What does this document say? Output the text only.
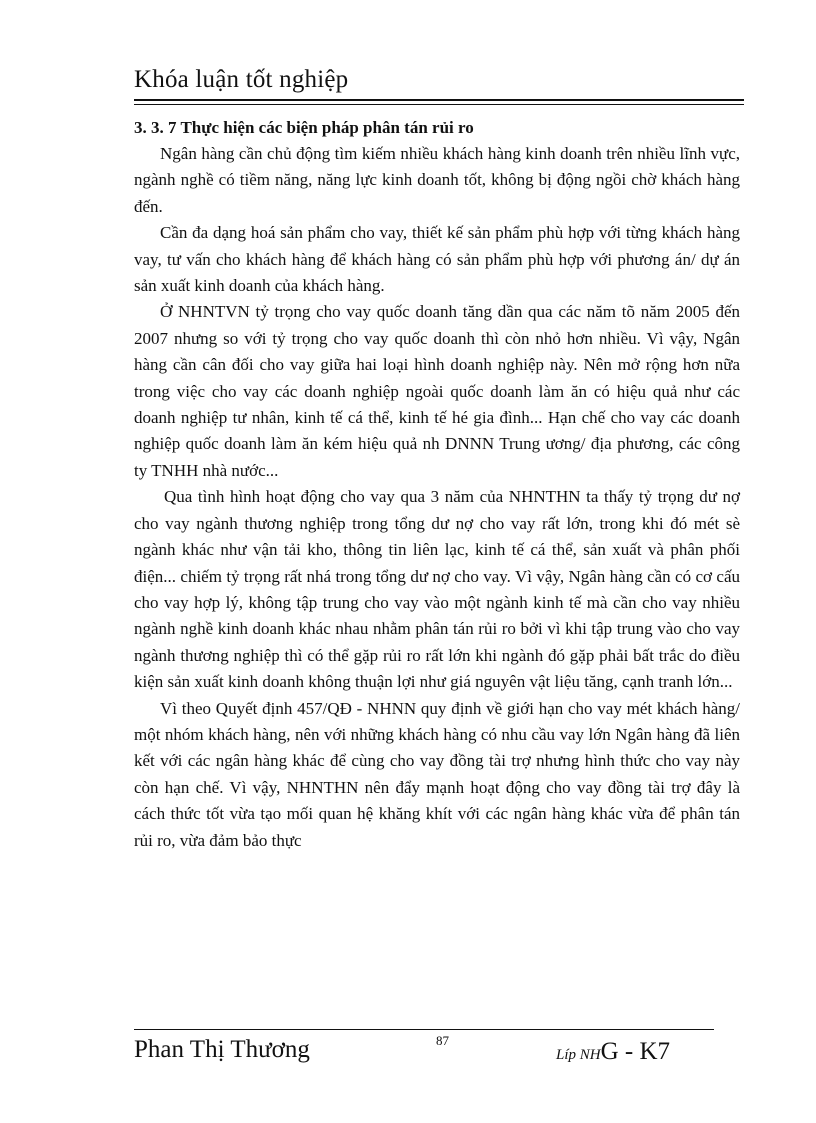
Khóa luận tốt nghiệp
3. 3. 7 Thực hiện các biện pháp phân tán rủi ro

Ngân hàng cần chủ động tìm kiếm nhiều khách hàng kinh doanh trên nhiều lĩnh vực, ngành nghề có tiềm năng, năng lực kinh doanh tốt, không bị động ngồi chờ khách hàng đến.

Cần đa dạng hoá sản phẩm cho vay, thiết kế sản phẩm phù hợp với từng khách hàng vay, tư vấn cho khách hàng để khách hàng có sản phẩm phù hợp với phương án/ dự án sản xuất kinh doanh của khách hàng.

Ở NHNTVN tỷ trọng cho vay quốc doanh tăng dần qua các năm tõ năm 2005 đến 2007 nhưng so với tỷ trọng cho vay quốc doanh thì còn nhỏ hơn nhiều. Vì vậy, Ngân hàng cần cân đối cho vay giữa hai loại hình doanh nghiệp này. Nên mở rộng hơn nữa trong việc cho vay các doanh nghiệp ngoài quốc doanh làm ăn có hiệu quả như các doanh nghiệp tư nhân, kinh tế cá thể, kinh tế hé gia đình... Hạn chế cho vay các doanh nghiệp quốc doanh làm ăn kém hiệu quả nh DNNN Trung ương/ địa phương, các công ty TNHH nhà nước...

Qua tình hình hoạt động cho vay qua 3 năm của NHNTHN ta thấy tỷ trọng dư nợ cho vay ngành thương nghiệp trong tổng dư nợ cho vay rất lớn, trong khi đó mét sè ngành khác như vận tải kho, thông tin liên lạc, kinh tế cá thể, sản xuất và phân phối điện... chiếm tỷ trọng rất nhá trong tổng dư nợ cho vay. Vì vậy, Ngân hàng cần có cơ cấu cho vay hợp lý, không tập trung cho vay vào một ngành kinh tế mà cần cho vay nhiều ngành nghề kinh doanh khác nhau nhằm phân tán rủi ro bởi vì khi tập trung vào cho vay ngành thương nghiệp thì có thể gặp rủi ro rất lớn khi ngành đó gặp phải bất trắc do điều kiện sản xuất kinh doanh không thuận lợi như giá nguyên vật liệu tăng, cạnh tranh lớn...

Vì theo Quyết định 457/QĐ - NHNN quy định về giới hạn cho vay mét khách hàng/ một nhóm khách hàng, nên với những khách hàng có nhu cầu vay lớn Ngân hàng đã liên kết với các ngân hàng khác để cùng cho vay đồng tài trợ nhưng hình thức cho vay này còn hạn chế. Vì vậy, NHNTHN nên đẩy mạnh hoạt động cho vay đồng tài trợ đây là cách thức tốt vừa tạo mối quan hệ khăng khít với các ngân hàng khác vừa để phân tán rủi ro, vừa đảm bảo thực

Phan Thị Thương	87
Líp NHG - K7
